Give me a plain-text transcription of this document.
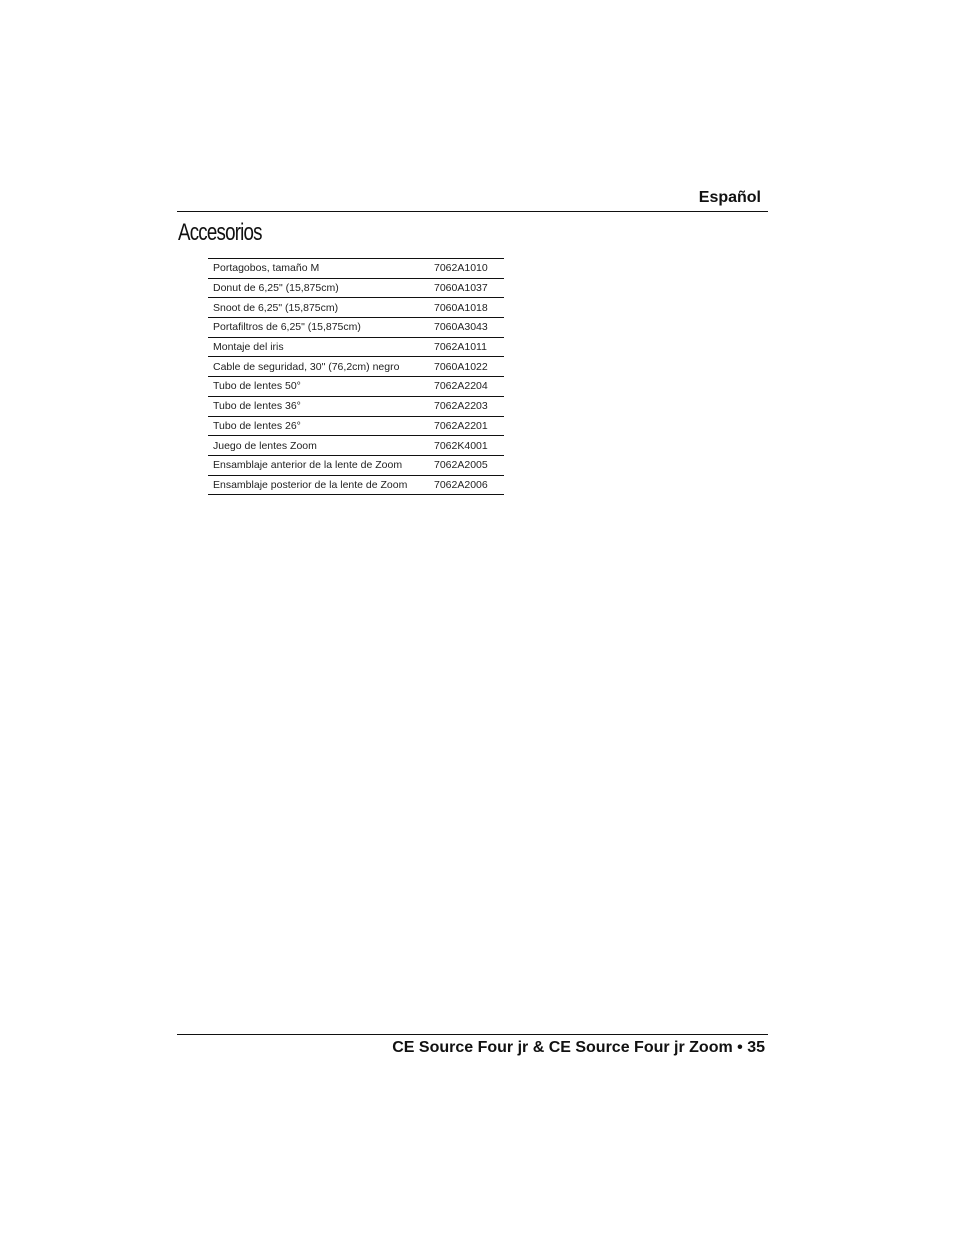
Español
Accesorios
Portagobos, tamaño M	7062A1010
Donut de 6,25" (15,875cm)	7060A1037
Snoot de 6,25" (15,875cm)	7060A1018
Portafiltros de 6,25" (15,875cm)	7060A3043
Montaje del iris	7062A1011
Cable de seguridad, 30" (76,2cm) negro	7060A1022
Tubo de lentes 50°	7062A2204
Tubo de lentes 36°	7062A2203
Tubo de lentes 26°	7062A2201
Juego de lentes Zoom	7062K4001
Ensamblaje anterior de la lente de Zoom	7062A2005
Ensamblaje posterior de la lente de Zoom	7062A2006
CE Source Four jr & CE Source Four jr Zoom • 35
